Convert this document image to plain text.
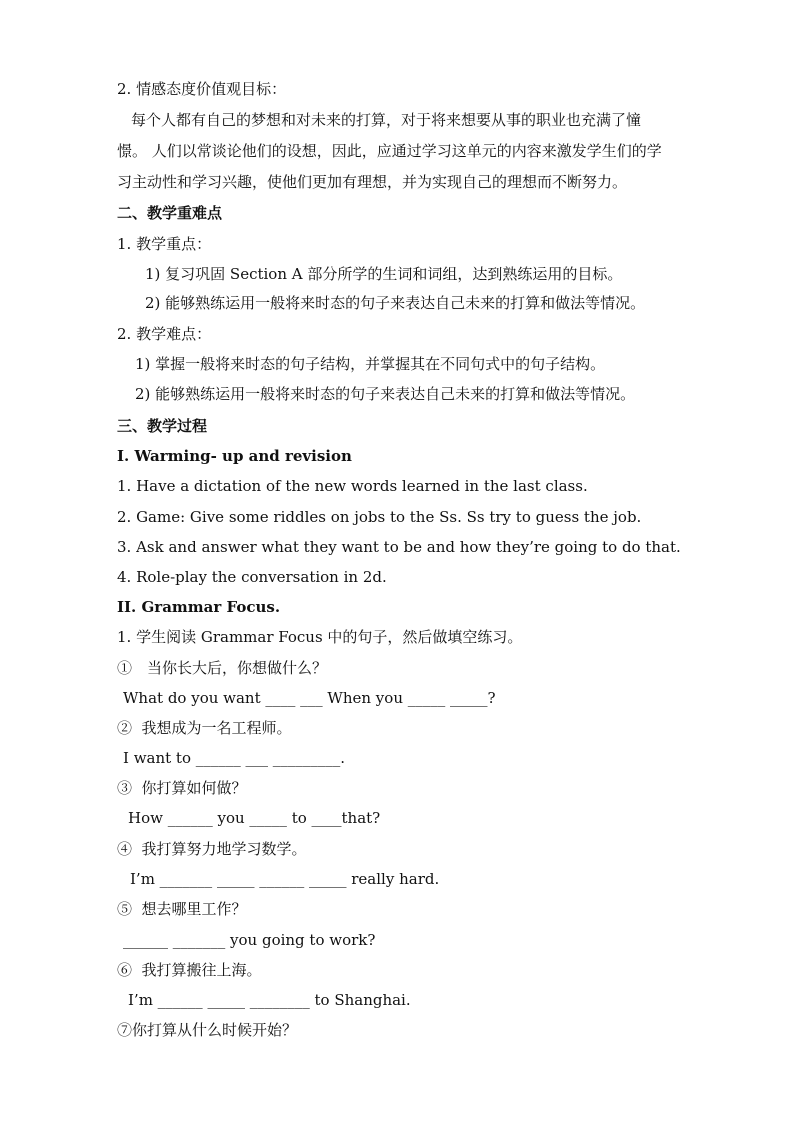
2. 情感态度价值观目标：
每个人都有自己的梦想和对未来的打算，对于将来想要从事的职业也充满了憧
憬。 人们以常谈论他们的设想，因此，应通过学习这单元的内容来激发学生们的学
习主动性和学习兴趣，使他们更加有理想，并为实现自己的理想而不断努力。
二、教学重难点
1. 教学重点：
1) 复习巩固 Section A 部分所学的生词和词组，达到熟练运用的目标。
2) 能够熟练运用一般将来时态的句子来表达自己未来的打算和做法等情况。
2. 教学难点：
1) 掌握一般将来时态的句子结构，并掌握其在不同句式中的句子结构。
2) 能够熟练运用一般将来时态的句子来表达自己未来的打算和做法等情况。
三、教学过程
I. Warming- up and revision
1. Have a dictation of the new words learned in the last class.
2. Game: Give some riddles on jobs to the Ss. Ss try to guess the job.
3. Ask and answer what they want to be and how they’re going to do that.
4. Role-play the conversation in 2d.
II. Grammar Focus.
1. 学生阅读 Grammar Focus 中的句子，然后做填空练习。
①　当你长大后，你想做什么？
What do you want ____ ___ When you _____ _____?
②  我想成为一名工程师。
I want to ______ ___ _________.
③  你打算如何做？
How ______ you _____ to ____that?
④  我打算努力地学习数学。
I’m _______ _____ ______ _____ really hard.
⑤  想去哪里工作？
______ _______ you going to work?
⑥  我打算搬往上海。
I’m ______ _____ ________ to Shanghai.
⑦你打算从什么时候开始？
